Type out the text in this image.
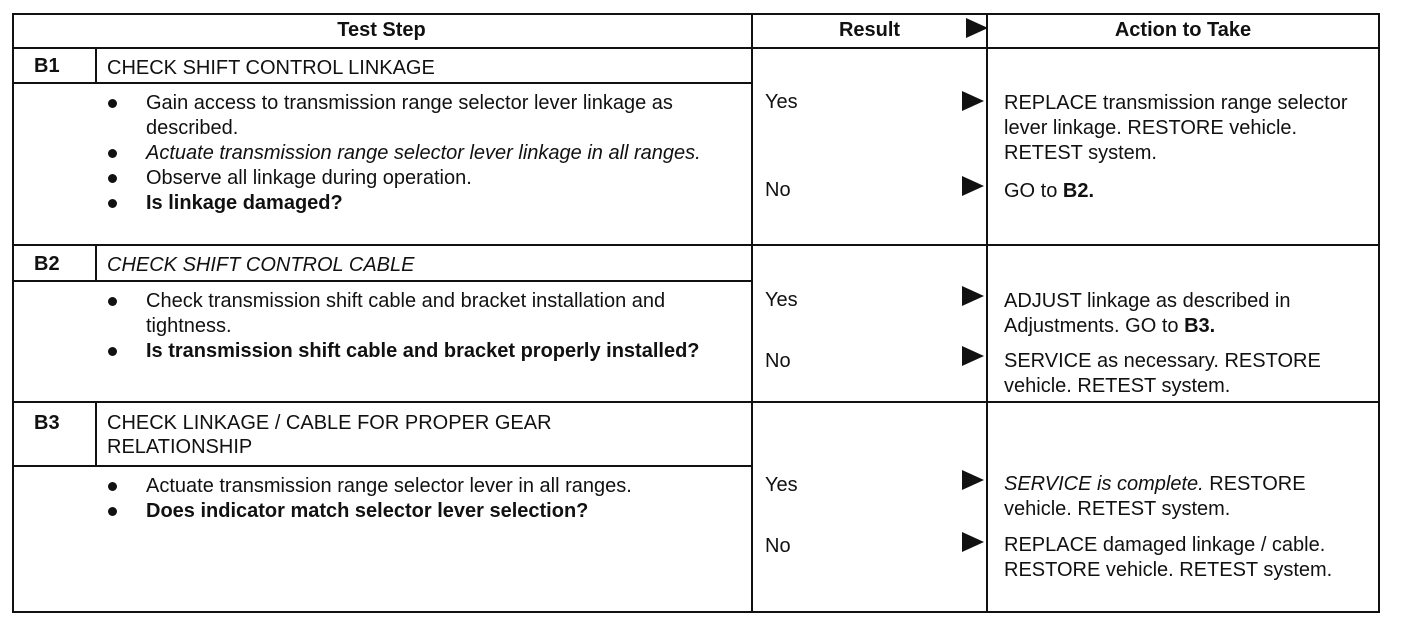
Test Step	Result	Action to Take
B1 CHECK SHIFT CONTROL LINKAGE
Gain access to transmission range selector lever linkage as described.
Actuate transmission range selector lever linkage in all ranges.
Observe all linkage during operation.
Is linkage damaged?
Yes	REPLACE transmission range selector lever linkage. RESTORE vehicle. RETEST system.
No	GO to B2.
B2 CHECK SHIFT CONTROL CABLE
Check transmission shift cable and bracket installation and tightness.
Is transmission shift cable and bracket properly installed?
Yes	ADJUST linkage as described in Adjustments. GO to B3.
No	SERVICE as necessary. RESTORE vehicle. RETEST system.
B3 CHECK LINKAGE / CABLE FOR PROPER GEAR RELATIONSHIP
Actuate transmission range selector lever in all ranges.
Does indicator match selector lever selection?
Yes	SERVICE is complete. RESTORE vehicle. RETEST system.
No	REPLACE damaged linkage / cable. RESTORE vehicle. RETEST system.
